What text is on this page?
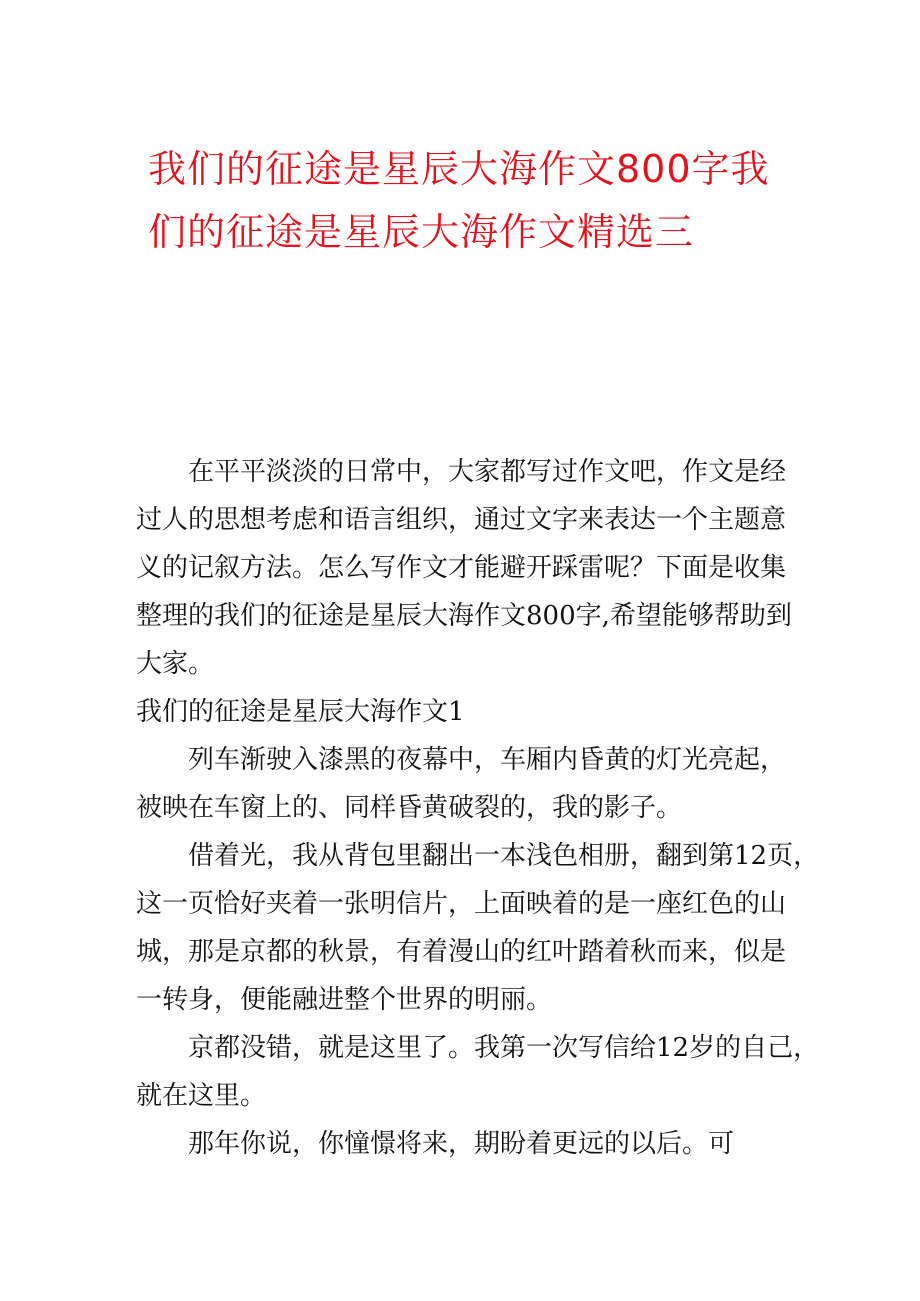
我们的征途是星辰大海作文800字我
们的征途是星辰大海作文精选三

在平平淡淡的日常中，大家都写过作文吧，作文是经
过人的思想考虑和语言组织，通过文字来表达一个主题意
义的记叙方法。怎么写作文才能避开踩雷呢？下面是收集
整理的我们的征途是星辰大海作文800字,希望能够帮助到
大家。

我们的征途是星辰大海作文1

列车渐驶入漆黑的夜幕中，车厢内昏黄的灯光亮起，
被映在车窗上的、同样昏黄破裂的，我的影子。

借着光，我从背包里翻出一本浅色相册，翻到第12页，
这一页恰好夹着一张明信片，上面映着的是一座红色的山
城，那是京都的秋景，有着漫山的红叶踏着秋而来，似是
一转身，便能融进整个世界的明丽。

京都没错，就是这里了。我第一次写信给12岁的自己，
就在这里。

那年你说，你憧憬将来，期盼着更远的以后。可
